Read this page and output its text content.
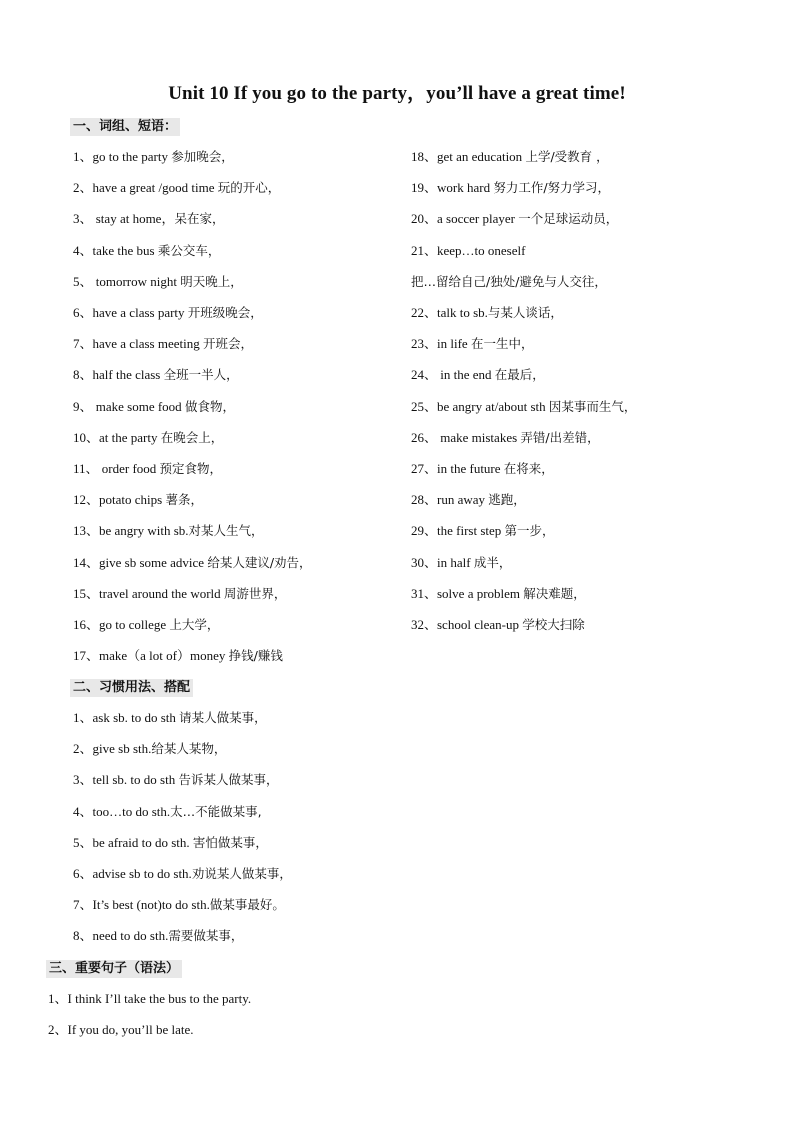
Unit 10 If you go to the party，you’ll have a great time!
一、词组、短语：
1、go to the party 参加晚会，
2、have a great /good time 玩的开心，
3、 stay at home，呆在家，
4、take the bus 乘公交车，
5、 tomorrow night 明天晚上，
6、have a class party 开班级晚会，
7、have a class meeting 开班会，
8、half the class 全班一半人，
9、 make some food 做食物，
10、at the party 在晚会上，
11、 order food 预定食物，
12、potato chips 薯条，
13、be angry with sb.对某人生气，
14、give sb some advice 给某人建议/劝告，
15、travel around the world 周游世界，
16、go to college 上大学，
17、make（a lot of）money 挣钱/赚钱
18、get an education 上学/受教育 ，
19、work hard 努力工作/努力学习，
20、a soccer player 一个足球运动员，
21、keep…to oneself
把…留给自己/独处/避免与人交往，
22、talk to sb.与某人谈话，
23、in life 在一生中，
24、 in the end 在最后，
25、be angry at/about sth 因某事而生气，
26、 make mistakes 弄错/出差错，
27、in the future 在将来，
28、run away 逃跑，
29、the first step 第一步，
30、in half 成半，
31、solve a problem 解决难题，
32、school clean-up 学校大扫除
二、习惯用法、搭配
1、ask sb. to do sth 请某人做某事，
2、give sb sth.给某人某物，
3、tell sb. to do sth 告诉某人做某事，
4、too…to do sth.太…不能做某事,
5、be afraid to do sth. 害怕做某事，
6、advise sb to do sth.劝说某人做某事，
7、It’s best (not)to do sth.做某事最好。
8、need to do sth.需要做某事，
三、重要句子（语法）
1、I think I’ll take the bus to the party.
2、If you do, you’ll be late.
